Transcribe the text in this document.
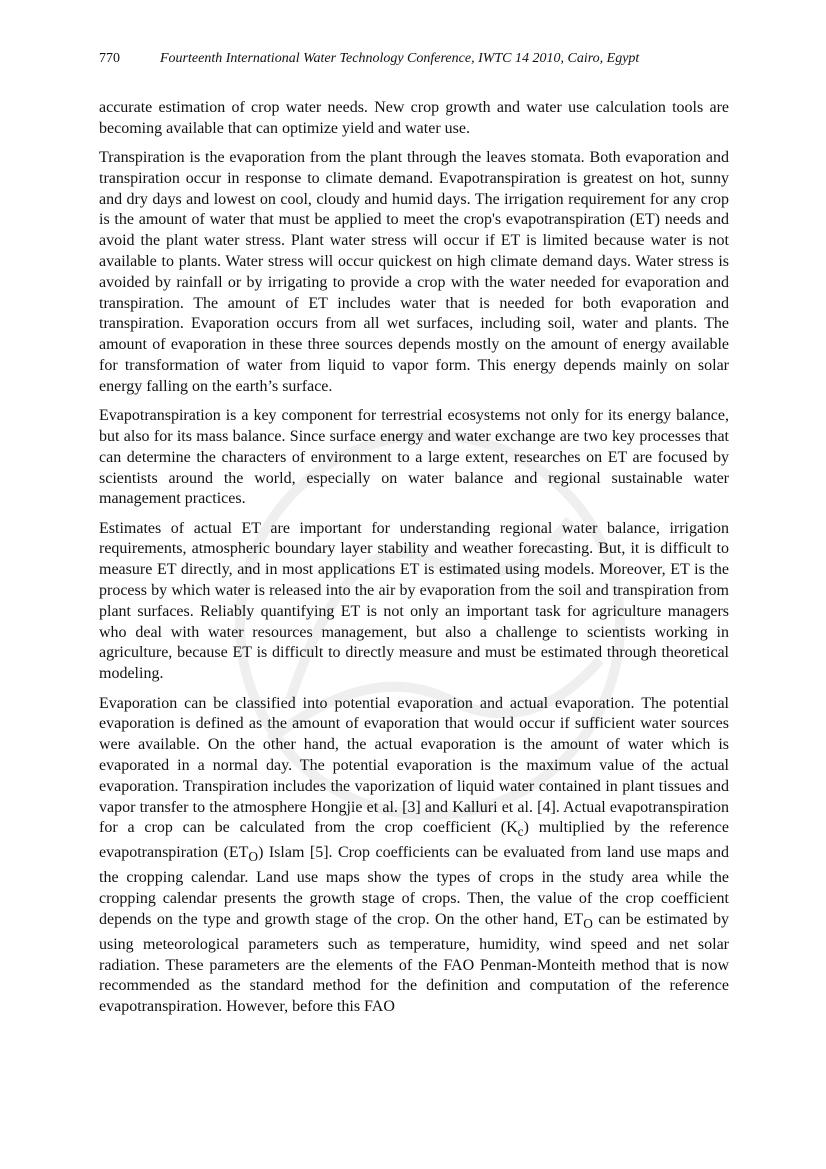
770	Fourteenth International Water Technology Conference, IWTC 14 2010, Cairo, Egypt

accurate estimation of crop water needs. New crop growth and water use calculation tools are becoming available that can optimize yield and water use.

Transpiration is the evaporation from the plant through the leaves stomata. Both evaporation and transpiration occur in response to climate demand. Evapotranspiration is greatest on hot, sunny and dry days and lowest on cool, cloudy and humid days. The irrigation requirement for any crop is the amount of water that must be applied to meet the crop's evapotranspiration (ET) needs and avoid the plant water stress. Plant water stress will occur if ET is limited because water is not available to plants. Water stress will occur quickest on high climate demand days. Water stress is avoided by rainfall or by irrigating to provide a crop with the water needed for evaporation and transpiration. The amount of ET includes water that is needed for both evaporation and transpiration. Evaporation occurs from all wet surfaces, including soil, water and plants. The amount of evaporation in these three sources depends mostly on the amount of energy available for transformation of water from liquid to vapor form. This energy depends mainly on solar energy falling on the earth’s surface.

Evapotranspiration is a key component for terrestrial ecosystems not only for its energy balance, but also for its mass balance. Since surface energy and water exchange are two key processes that can determine the characters of environment to a large extent, researches on ET are focused by scientists around the world, especially on water balance and regional sustainable water management practices.

Estimates of actual ET are important for understanding regional water balance, irrigation requirements, atmospheric boundary layer stability and weather forecasting. But, it is difficult to measure ET directly, and in most applications ET is estimated using models. Moreover, ET is the process by which water is released into the air by evaporation from the soil and transpiration from plant surfaces. Reliably quantifying ET is not only an important task for agriculture managers who deal with water resources management, but also a challenge to scientists working in agriculture, because ET is difficult to directly measure and must be estimated through theoretical modeling.

Evaporation can be classified into potential evaporation and actual evaporation. The potential evaporation is defined as the amount of evaporation that would occur if sufficient water sources were available. On the other hand, the actual evaporation is the amount of water which is evaporated in a normal day. The potential evaporation is the maximum value of the actual evaporation. Transpiration includes the vaporization of liquid water contained in plant tissues and vapor transfer to the atmosphere Hongjie et al. [3] and Kalluri et al. [4]. Actual evapotranspiration for a crop can be calculated from the crop coefficient $(K_c)$ multiplied by the reference evapotranspiration $(ET_O)$ Islam [5]. Crop coefficients can be evaluated from land use maps and the cropping calendar. Land use maps show the types of crops in the study area while the cropping calendar presents the growth stage of crops. Then, the value of the crop coefficient depends on the type and growth stage of the crop. On the other hand, $ET_O$ can be estimated by using meteorological parameters such as temperature, humidity, wind speed and net solar radiation. These parameters are the elements of the FAO Penman-Monteith method that is now recommended as the standard method for the definition and computation of the reference evapotranspiration. However, before this FAO
